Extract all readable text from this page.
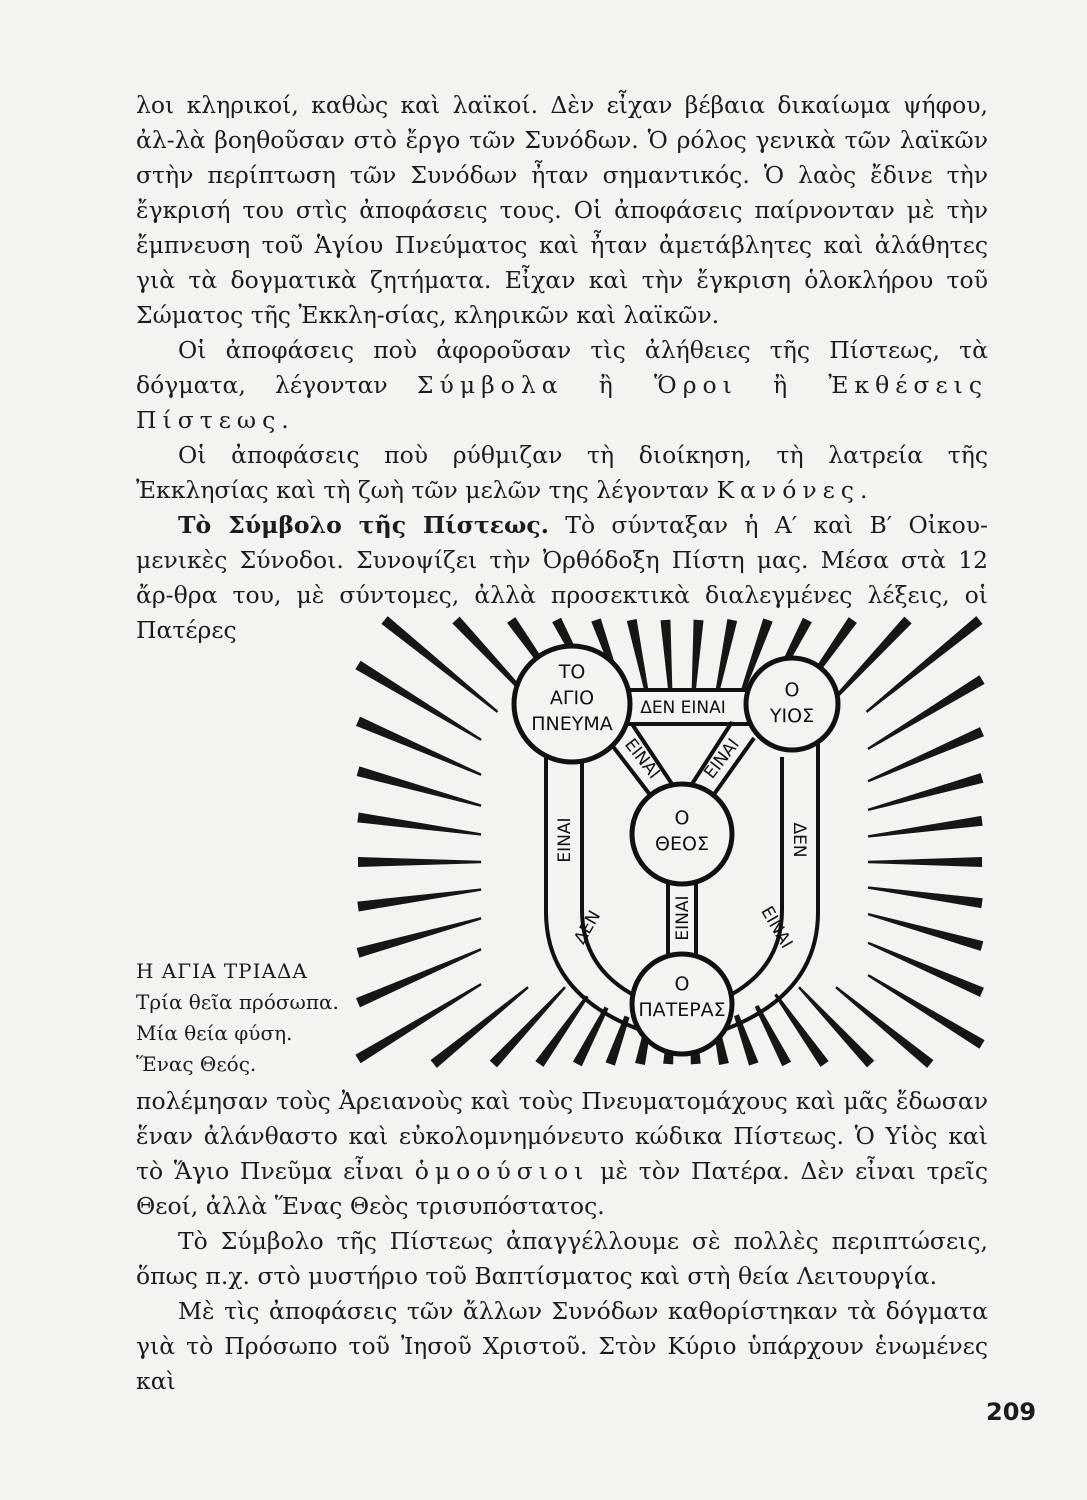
λοι κληρικοί, καθὼς καὶ λαϊκοί. Δὲν εἶχαν βέβαια δικαίωμα ψήφου, ἀλ-λὰ βοηθοῦσαν στὸ ἔργο τῶν Συνόδων. Ὁ ρόλος γενικὰ τῶν λαϊκῶν στὴν περίπτωση τῶν Συνόδων ἦταν σημαντικός. Ὁ λαὸς ἔδινε τὴν ἔγκρισή του στὶς ἀποφάσεις τους. Οἱ ἀποφάσεις παίρνονταν μὲ τὴν ἔμπνευση τοῦ Ἁγίου Πνεύματος καὶ ἦταν ἀμετάβλητες καὶ ἀλάθητες γιὰ τὰ δογματικὰ ζητήματα. Εἶχαν καὶ τὴν ἔγκριση ὁλοκλήρου τοῦ Σώματος τῆς Ἐκκλη-σίας, κληρικῶν καὶ λαϊκῶν.

Οἱ ἀποφάσεις ποὺ ἀφοροῦσαν τὶς ἀλήθειες τῆς Πίστεως, τὰ δόγματα, λέγονταν Σύμβολα ἢ Ὅροι ἢ Ἐκθέσεις Πίστεως.

Οἱ ἀποφάσεις ποὺ ρύθμιζαν τὴ διοίκηση, τὴ λατρεία τῆς Ἐκκλησίας καὶ τὴ ζωὴ τῶν μελῶν της λέγονταν Κανόνες.

Τὸ Σύμβολο τῆς Πίστεως. Τὸ σύνταξαν ἡ Α′ καὶ Β′ Οἰκου-μενικὲς Σύνοδοι. Συνοψίζει τὴν Ὀρθόδοξη Πίστη μας. Μέσα στὰ 12 ἄρ-θρα του, μὲ σύντομες, ἀλλὰ προσεκτικὰ διαλεγμένες λέξεις, οἱ Πατέρες

ΤΟ
ΑΓΙΟ
ΠΝΕΥΜΑ
Ο
ΥΙΟΣ
Ο
ΘΕΟΣ
Ο
ΠΑΤΕΡΑΣ
ΔΕΝ ΕΙΝΑΙ
ΕΙΝΑΙ ΕΙΝΑΙ
ΕΙΝΑΙ	ΔΕΝ
ΔΕΝ	ΕΙΝΑΙ
ΕΙΝΑΙ
Η ΑΓΙΑ ΤΡΙΑΔΑ
Τρία θεῖα πρόσωπα.
Μία θεία φύση.
Ἕνας Θεός.

πολέμησαν τοὺς Ἀρειανοὺς καὶ τοὺς Πνευματομάχους καὶ μᾶς ἔδωσαν ἕναν ἀλάνθαστο καὶ εὐκολομνημόνευτο κώδικα Πίστεως. Ὁ Υἱὸς καὶ τὸ Ἅγιο Πνεῦμα εἶναι ὁμοούσιοι μὲ τὸν Πατέρα. Δὲν εἶναι τρεῖς Θεοί, ἀλλὰ Ἕνας Θεὸς τρισυπόστατος.

Τὸ Σύμβολο τῆς Πίστεως ἀπαγγέλλουμε σὲ πολλὲς περιπτώσεις, ὅπως π.χ. στὸ μυστήριο τοῦ Βαπτίσματος καὶ στὴ θεία Λειτουργία.

Μὲ τὶς ἀποφάσεις τῶν ἄλλων Συνόδων καθορίστηκαν τὰ δόγματα γιὰ τὸ Πρόσωπο τοῦ Ἰησοῦ Χριστοῦ. Στὸν Κύριο ὑπάρχουν ἑνωμένες καὶ

209
